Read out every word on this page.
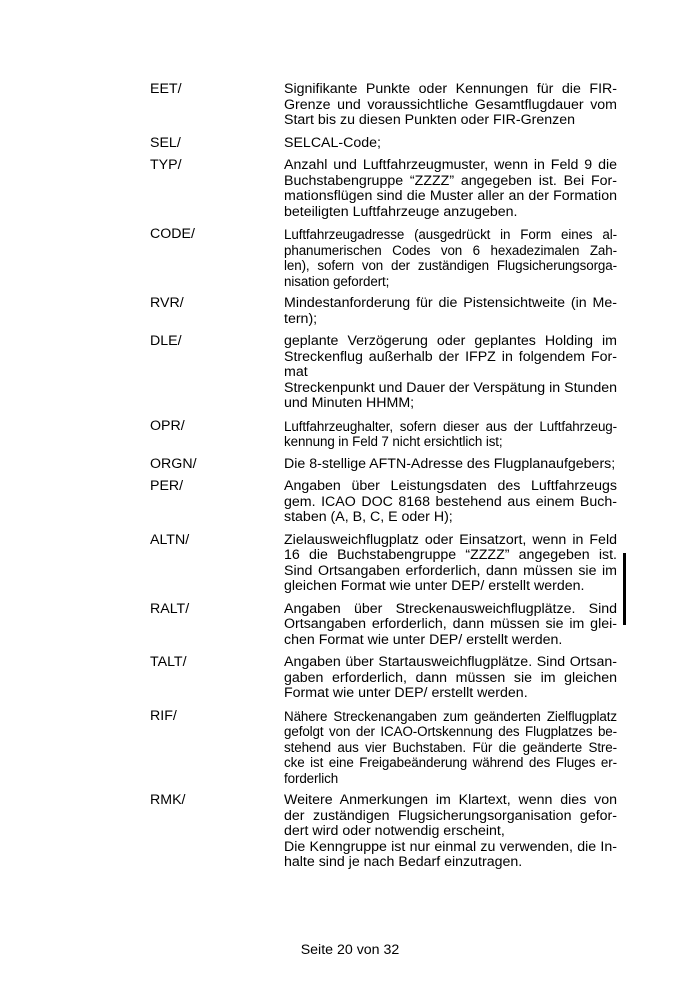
EET/	Signifikante Punkte oder Kennungen für die FIR-
Grenze und voraussichtliche Gesamtflugdauer vom
Start bis zu diesen Punkten oder FIR-Grenzen
SEL/	SELCAL-Code;
TYP/	Anzahl und Luftfahrzeugmuster, wenn in Feld 9 die
Buchstabengruppe “ZZZZ” angegeben ist. Bei For-
mationsflügen sind die Muster aller an der Formation
beteiligten Luftfahrzeuge anzugeben.
CODE/	Luftfahrzeugadresse (ausgedrückt in Form eines al-
phanumerischen Codes von 6 hexadezimalen Zah-
len), sofern von der zuständigen Flugsicherungsorga-
nisation gefordert;
RVR/	Mindestanforderung für die Pistensichtweite (in Me-
tern);
DLE/	geplante Verzögerung oder geplantes Holding im
Streckenflug außerhalb der IFPZ in folgendem For-
mat
Streckenpunkt und Dauer der Verspätung in Stunden
und Minuten HHMM;
OPR/	Luftfahrzeughalter, sofern dieser aus der Luftfahrzeug-
kennung in Feld 7 nicht ersichtlich ist;
ORGN/	Die 8-stellige AFTN-Adresse des Flugplanaufgebers;
PER/	Angaben über Leistungsdaten des Luftfahrzeugs
gem. ICAO DOC 8168 bestehend aus einem Buch-
staben (A, B, C, E oder H);
ALTN/	Zielausweichflugplatz oder Einsatzort, wenn in Feld
16 die Buchstabengruppe “ZZZZ” angegeben ist.
Sind Ortsangaben erforderlich, dann müssen sie im
gleichen Format wie unter DEP/ erstellt werden.
RALT/	Angaben über Streckenausweichflugplätze. Sind
Ortsangaben erforderlich, dann müssen sie im glei-
chen Format wie unter DEP/ erstellt werden.
TALT/	Angaben über Startausweichflugplätze. Sind Ortsan-
gaben erforderlich, dann müssen sie im gleichen
Format wie unter DEP/ erstellt werden.
RIF/	Nähere Streckenangaben zum geänderten Zielflugplatz
gefolgt von der ICAO-Ortskennung des Flugplatzes be-
stehend aus vier Buchstaben. Für die geänderte Stre-
cke ist eine Freigabeänderung während des Fluges er-
forderlich
RMK/	Weitere Anmerkungen im Klartext, wenn dies von
der zuständigen Flugsicherungsorganisation gefor-
dert wird oder notwendig erscheint,
Die Kenngruppe ist nur einmal zu verwenden, die In-
halte sind je nach Bedarf einzutragen.
Seite 20 von 32
